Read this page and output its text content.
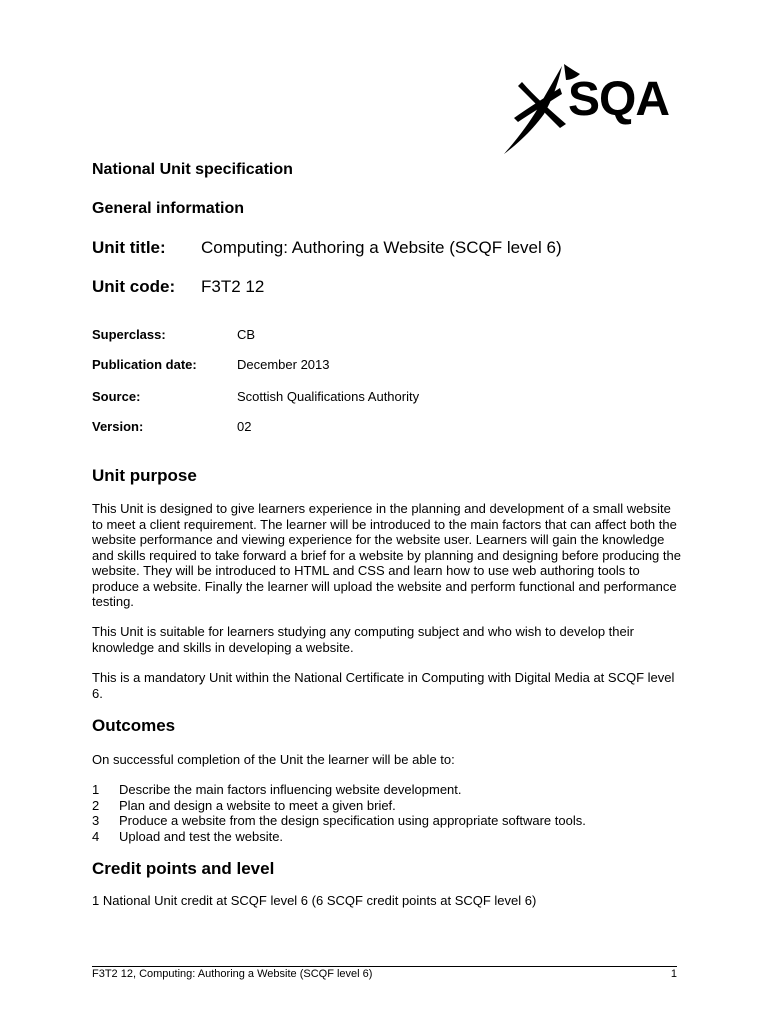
SQA
National Unit specification
General information
Unit title: Computing: Authoring a Website (SCQF level 6)
Unit code: F3T2 12
Superclass:	CB
Publication date:	December 2013
Source:	Scottish Qualifications Authority
Version:	02
Unit purpose

This Unit is designed to give learners experience in the planning and development of a small website to meet a client requirement. The learner will be introduced to the main factors that can affect both the website performance and viewing experience for the website user. Learners will gain the knowledge and skills required to take forward a brief for a website by planning and designing before producing the website. They will be introduced to HTML and CSS and learn how to use web authoring tools to produce a website. Finally the learner will upload the website and perform functional and performance testing.

This Unit is suitable for learners studying any computing subject and who wish to develop their knowledge and skills in developing a website.

This is a mandatory Unit within the National Certificate in Computing with Digital Media at SCQF level 6.

Outcomes

On successful completion of the Unit the learner will be able to:

1	Describe the main factors influencing website development.
2	Plan and design a website to meet a given brief.
3	Produce a website from the design specification using appropriate software tools.
4	Upload and test the website.
Credit points and level

1 National Unit credit at SCQF level 6 (6 SCQF credit points at SCQF level 6)

F3T2 12, Computing: Authoring a Website (SCQF level 6)	1
